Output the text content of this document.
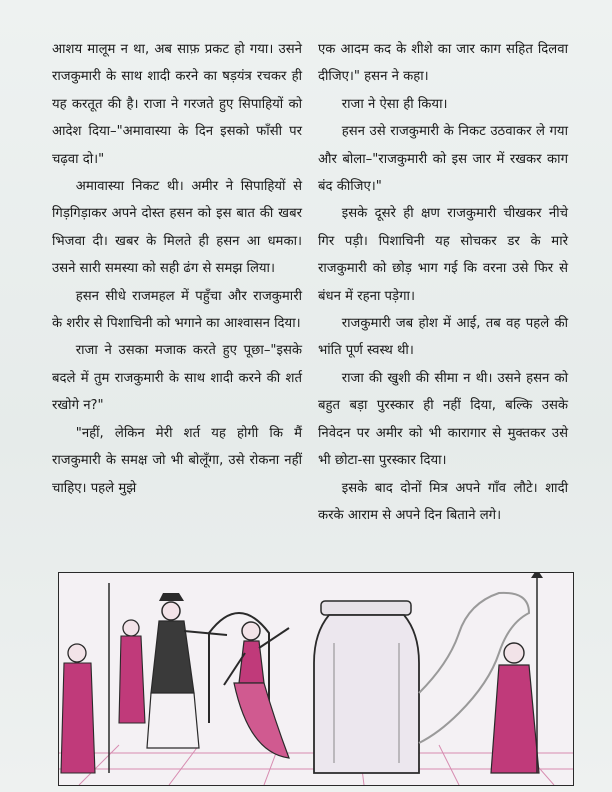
आशय मालूम न था, अब साफ़ प्रकट हो गया। उसने राजकुमारी के साथ शादी करने का षड़यंत्र रचकर ही यह करतूत की है। राजा ने गरजते हुए सिपाहियों को आदेश दिया–"अमावास्या के दिन इसको फाँसी पर चढ़वा दो।"

अमावास्या निकट थी। अमीर ने सिपाहियों से गिड़गिड़ाकर अपने दोस्त हसन को इस बात की खबर भिजवा दी। खबर के मिलते ही हसन आ धमका। उसने सारी समस्या को सही ढंग से समझ लिया।

हसन सीधे राजमहल में पहुँचा और राजकुमारी के शरीर से पिशाचिनी को भगाने का आश्वासन दिया।

राजा ने उसका मजाक करते हुए पूछा–"इसके बदले में तुम राजकुमारी के साथ शादी करने की शर्त रखोगे न?"

"नहीं, लेकिन मेरी शर्त यह होगी कि मैं राजकुमारी के समक्ष जो भी बोलूँगा, उसे रोकना नहीं चाहिए। पहले मुझे

एक आदम कद के शीशे का जार काग सहित दिलवा दीजिए।" हसन ने कहा।

राजा ने ऐसा ही किया।

हसन उसे राजकुमारी के निकट उठवाकर ले गया और बोला–"राजकुमारी को इस जार में रखकर काग बंद कीजिए।"

इसके दूसरे ही क्षण राजकुमारी चीखकर नीचे गिर पड़ी। पिशाचिनी यह सोचकर डर के मारे राजकुमारी को छोड़ भाग गई कि वरना उसे फिर से बंधन में रहना पड़ेगा।

राजकुमारी जब होश में आई, तब वह पहले की भांति पूर्ण स्वस्थ थी।

राजा की खुशी की सीमा न थी। उसने हसन को बहुत बड़ा पुरस्कार ही नहीं दिया, बल्कि उसके निवेदन पर अमीर को भी कारागार से मुक्तकर उसे भी छोटा-सा पुरस्कार दिया।

इसके बाद दोनों मित्र अपने गाँव लौटे। शादी करके आराम से अपने दिन बिताने लगे।
